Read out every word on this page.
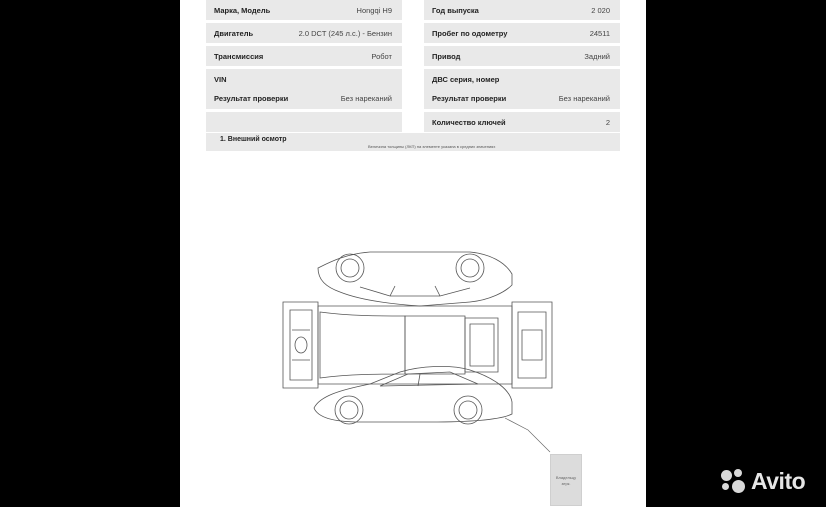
Марка, Модель	Hongqi H9
Двигатель	2.0 DCT (245 л.с.) - Бензин
Трансмиссия	Робот
VIN
Результат проверки	Без нареканий
Год выпуска	2 020
Пробег по одометру	24511
Привод	Задний
ДВС серия, номер
Результат проверки	Без нареканий
Количество ключей	2
1. Внешний осмотр
Величина толщины (ЛКП) на элементе указана в средних значениях
Владельцу
зерк.	Avito
